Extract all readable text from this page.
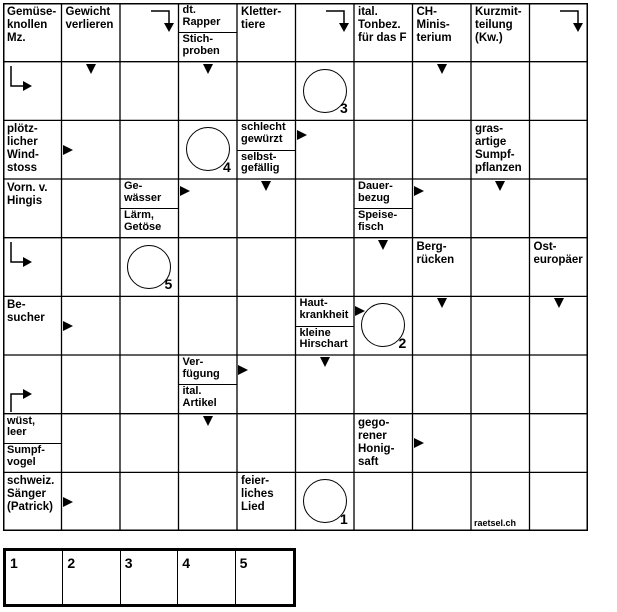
Gemüse-
knollen
Mz.
Gewicht
verlieren
dt.
Rapper
Stich-
proben
Kletter-
tiere
ital.
Tonbez.
für das F
CH-
Minis-
terium
Kurzmit-
teilung
(Kw.)
plötz-
licher
Wind-
stoss
schlecht
gewürzt
selbst-
gefällig
gras-
artige
Sumpf-
pflanzen
Vorn. v.
Hingis
Ge-
wässer
Lärm,
Getöse
Dauer-
bezug
Speise-
fisch
Berg-
rücken
Ost-
europäer
Be-
sucher
Haut-
krankheit
kleine
Hirschart
Ver-
fügung
ital.
Artikel
wüst,
leer
Sumpf-
vogel
gego-
rener
Honig-
saft
schweiz.
Sänger
(Patrick)
feier-
liches
Lied
3
4
5
2
1	raetsel.ch
1	2	3	4	5
